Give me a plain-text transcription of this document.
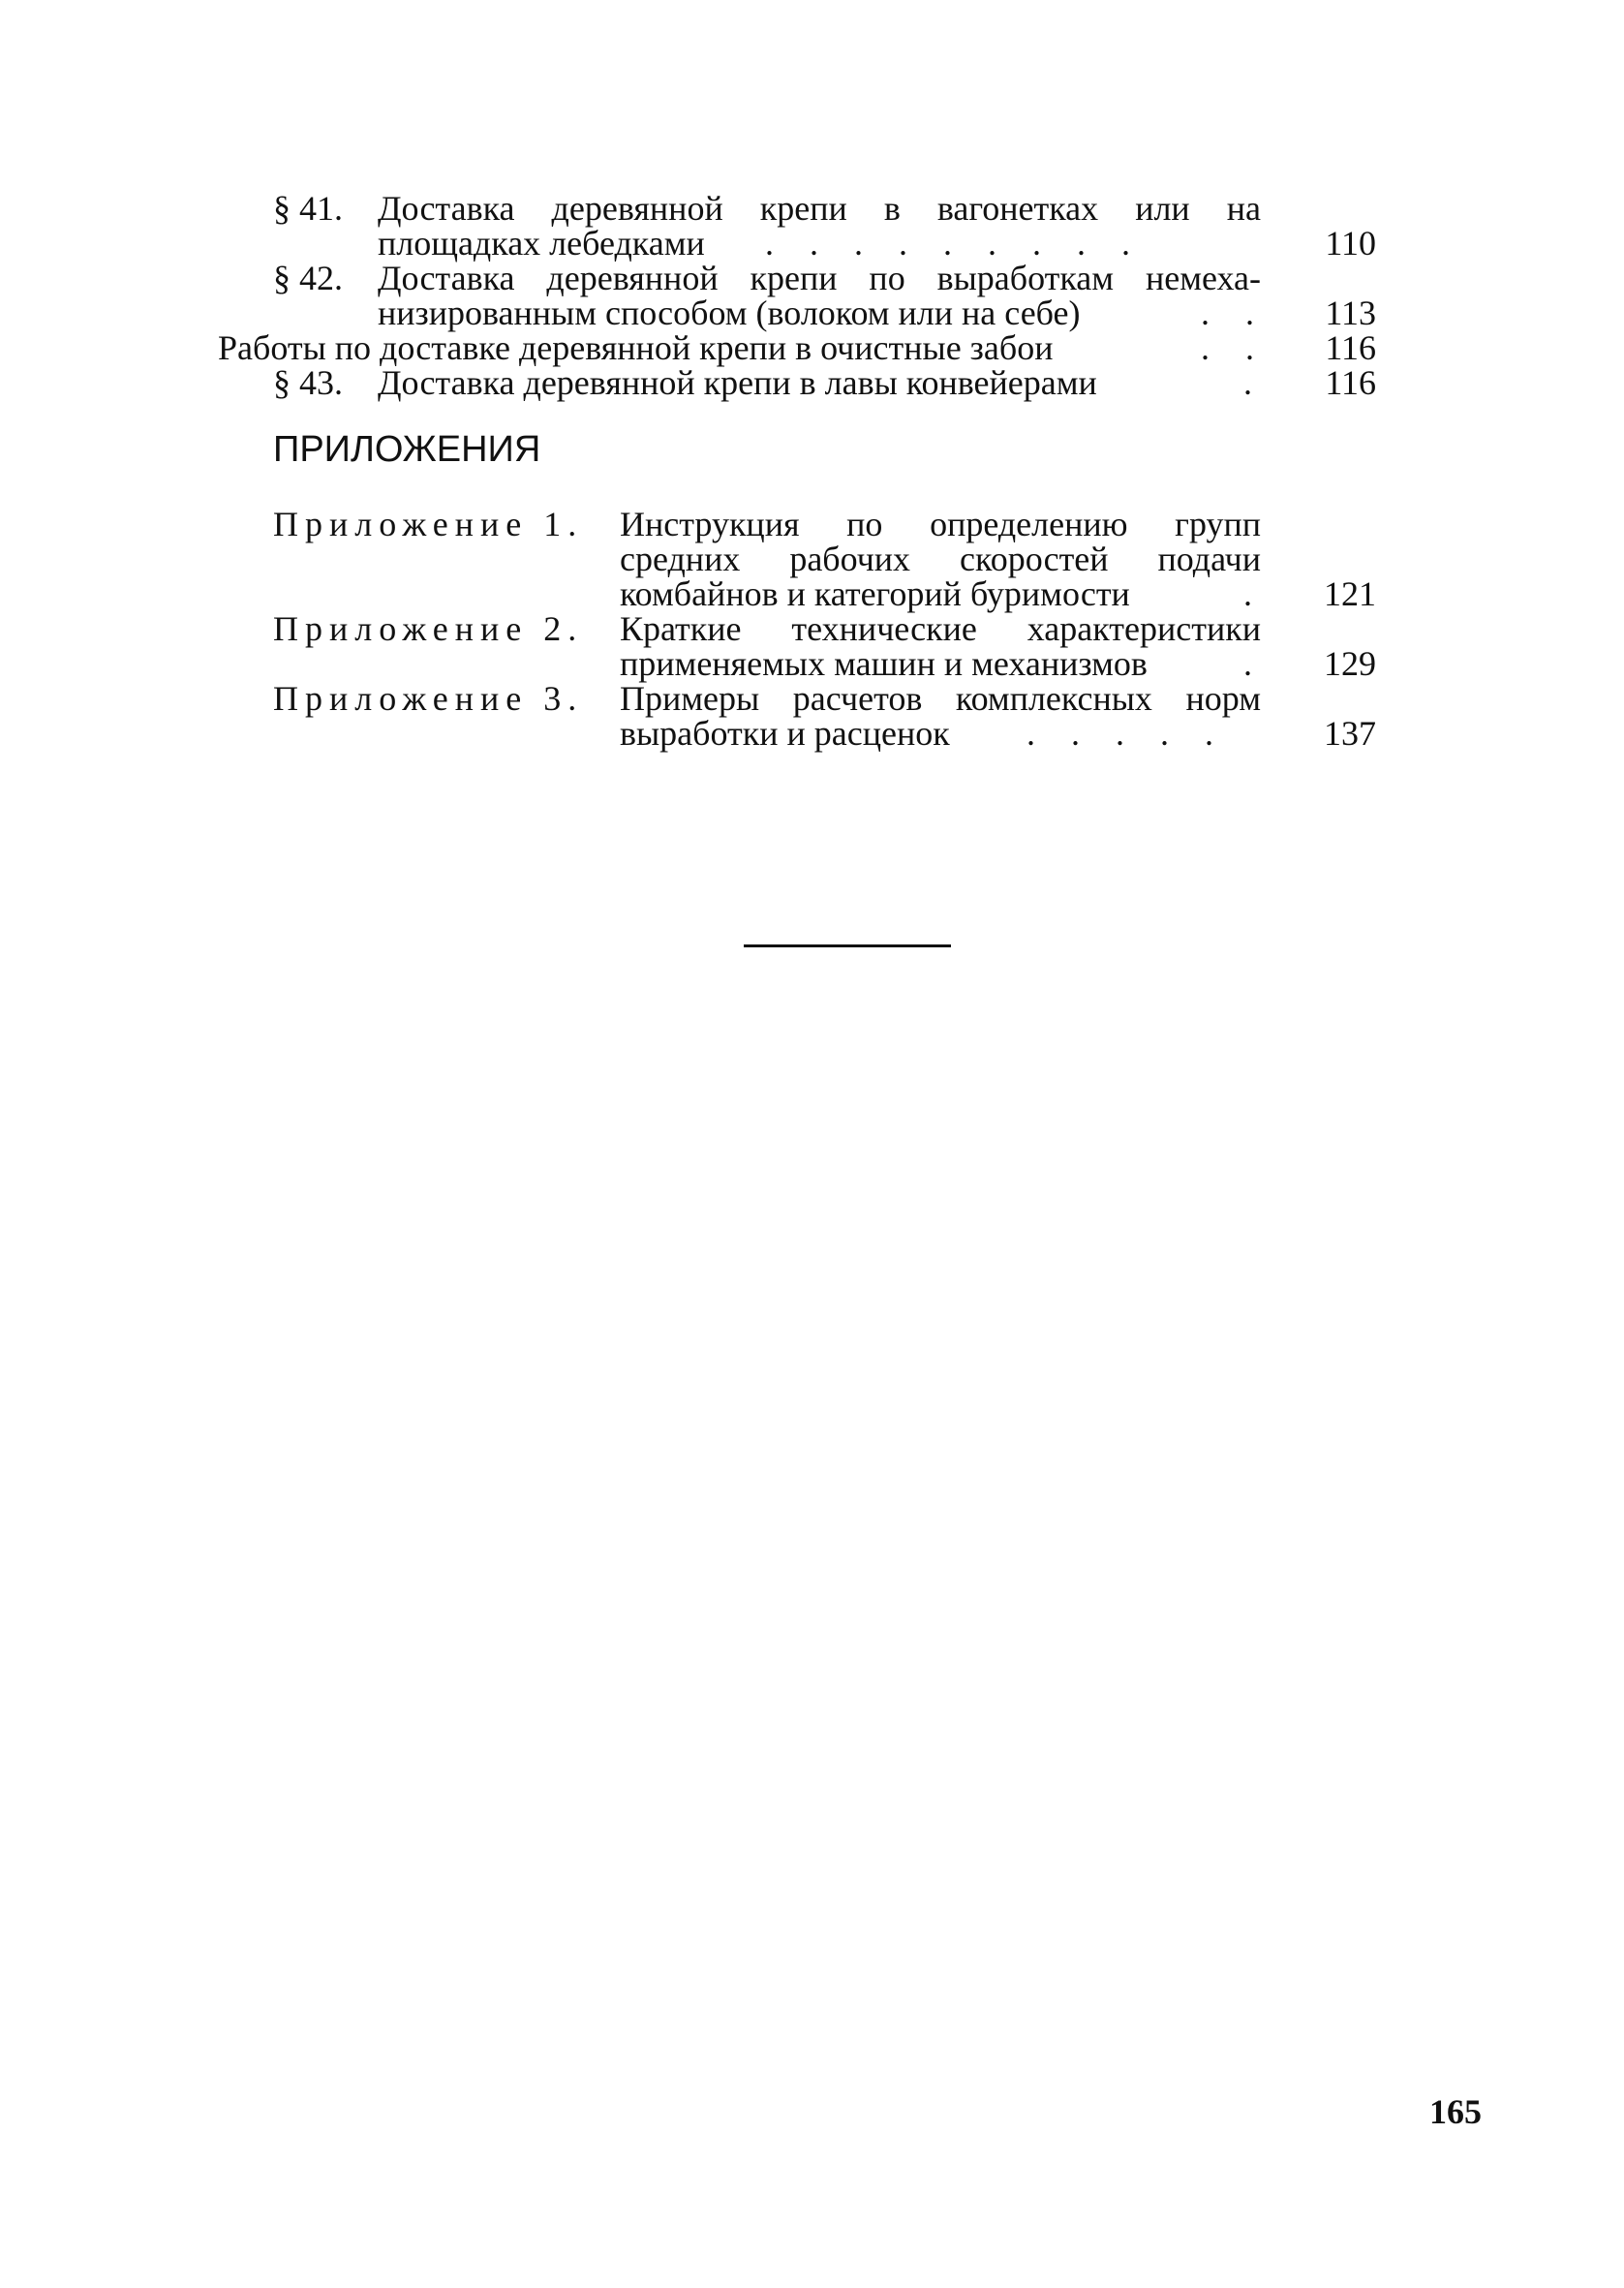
§ 41. Доставка деревянной крепи в вагонетках или на
площадках лебедками . . . . . . . . .	110
§ 42. Доставка деревянной крепи по выработкам немеха-
низированным способом (волоком или на себе)	. .	113
Работы по доставке деревянной крепи в очистные забои	. .	116
§ 43. Доставка деревянной крепи в лавы конвейерами	.	116
ПРИЛОЖЕНИЯ
Приложение 1. Инструкция по определению групп
средних рабочих скоростей подачи
комбайнов и категорий буримости	.	121
Приложение 2. Краткие технические характеристики
применяемых машин и механизмов	.	129
Приложение 3. Примеры расчетов комплексных норм
выработки и расценок . . . . .	137
165
